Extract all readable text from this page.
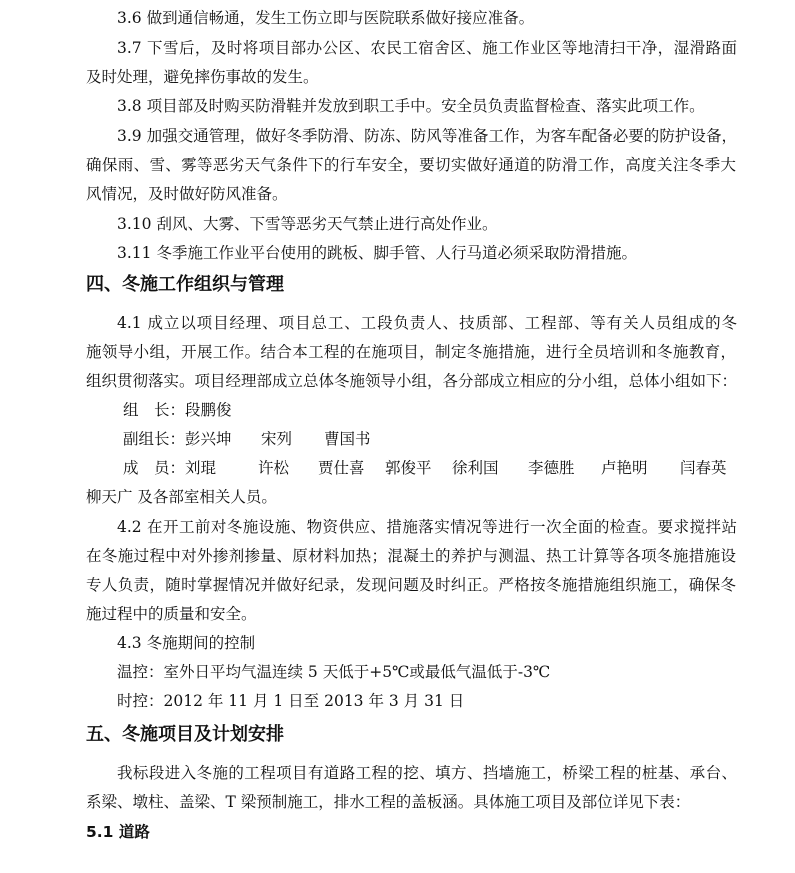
3.6 做到通信畅通，发生工伤立即与医院联系做好接应准备。
3.7 下雪后，及时将项目部办公区、农民工宿舍区、施工作业区等地清扫干净，湿滑路面
及时处理，避免摔伤事故的发生。
3.8 项目部及时购买防滑鞋并发放到职工手中。安全员负责监督检查、落实此项工作。
3.9 加强交通管理，做好冬季防滑、防冻、防风等准备工作，为客车配备必要的防护设备，
确保雨、雪、雾等恶劣天气条件下的行车安全，要切实做好通道的防滑工作，高度关注冬季大
风情况，及时做好防风准备。
3.10 刮风、大雾、下雪等恶劣天气禁止进行高处作业。
3.11 冬季施工作业平台使用的跳板、脚手管、人行马道必须采取防滑措施。
四、冬施工作组织与管理
4.1 成立以项目经理、项目总工、工段负责人、技质部、工程部、等有关人员组成的冬
施领导小组，开展工作。结合本工程的在施项目，制定冬施措施，进行全员培训和冬施教育，
组织贯彻落实。项目经理部成立总体冬施领导小组，各分部成立相应的分小组，总体小组如下：
组　长：段鹏俊
副组长：彭兴坤 宋列 曹国书
成　员：刘琨	许松 贾仕喜 郭俊平 徐利国 李德胜 卢艳明 闫春英
柳天广 及各部室相关人员。
4.2 在开工前对冬施设施、物资供应、措施落实情况等进行一次全面的检查。要求搅拌站
在冬施过程中对外掺剂掺量、原材料加热；混凝土的养护与测温、热工计算等各项冬施措施设
专人负责，随时掌握情况并做好纪录，发现问题及时纠正。严格按冬施措施组织施工，确保冬
施过程中的质量和安全。
4.3 冬施期间的控制
温控：室外日平均气温连续 5 天低于+5℃或最低气温低于-3℃
时控：2012 年 11 月 1 日至 2013 年 3 月 31 日
五、冬施项目及计划安排
我标段进入冬施的工程项目有道路工程的挖、填方、挡墙施工，桥梁工程的桩基、承台、
系梁、墩柱、盖梁、T 梁预制施工，排水工程的盖板涵。具体施工项目及部位详见下表：
5.1 道路
